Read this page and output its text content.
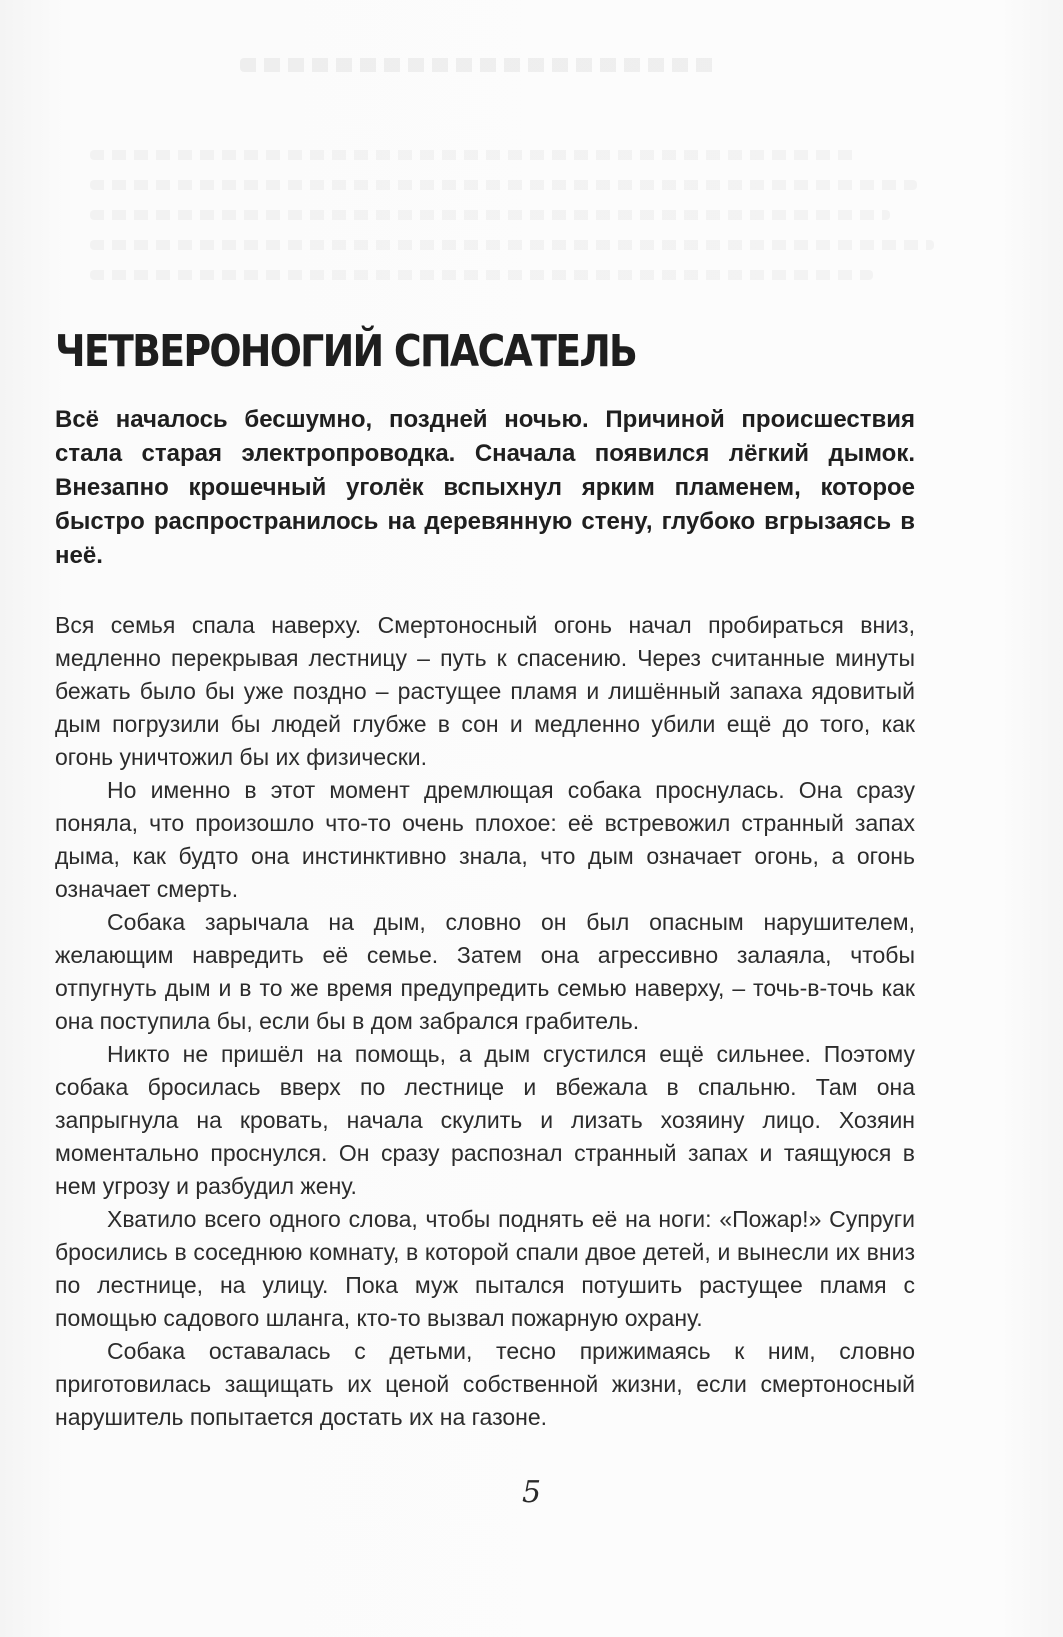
ЧЕТВЕРОНОГИЙ СПАСАТЕЛЬ

Всё началось бесшумно, поздней ночью. Причиной происшествия стала старая электропроводка. Сначала появился лёгкий дымок. Внезапно крошечный уголёк вспыхнул ярким пламенем, которое быстро распространилось на деревянную стену, глубоко вгрызаясь в неё.

Вся семья спала наверху. Смертоносный огонь начал пробираться вниз, медленно перекрывая лестницу – путь к спасению. Через считанные минуты бежать было бы уже поздно – растущее пламя и лишённый запаха ядовитый дым погрузили бы людей глубже в сон и медленно убили ещё до того, как огонь уничтожил бы их физически.

Но именно в этот момент дремлющая собака проснулась. Она сразу поняла, что произошло что-то очень плохое: её встревожил странный запах дыма, как будто она инстинктивно знала, что дым означает огонь, а огонь означает смерть.

Собака зарычала на дым, словно он был опасным нарушителем, желающим навредить её семье. Затем она агрессивно залаяла, чтобы отпугнуть дым и в то же время предупредить семью наверху, – точь-в-точь как она поступила бы, если бы в дом забрался грабитель.

Никто не пришёл на помощь, а дым сгустился ещё сильнее. Поэтому собака бросилась вверх по лестнице и вбежала в спальню. Там она запрыгнула на кровать, начала скулить и лизать хозяину лицо. Хозяин моментально проснулся. Он сразу распознал странный запах и таящуюся в нем угрозу и разбудил жену.

Хватило всего одного слова, чтобы поднять её на ноги: «Пожар!» Супруги бросились в соседнюю комнату, в которой спали двое детей, и вынесли их вниз по лестнице, на улицу. Пока муж пытался потушить растущее пламя с помощью садового шланга, кто-то вызвал пожарную охрану.

Собака оставалась с детьми, тесно прижимаясь к ним, словно приготовилась защищать их ценой собственной жизни, если смертоносный нарушитель попытается достать их на газоне.

5
